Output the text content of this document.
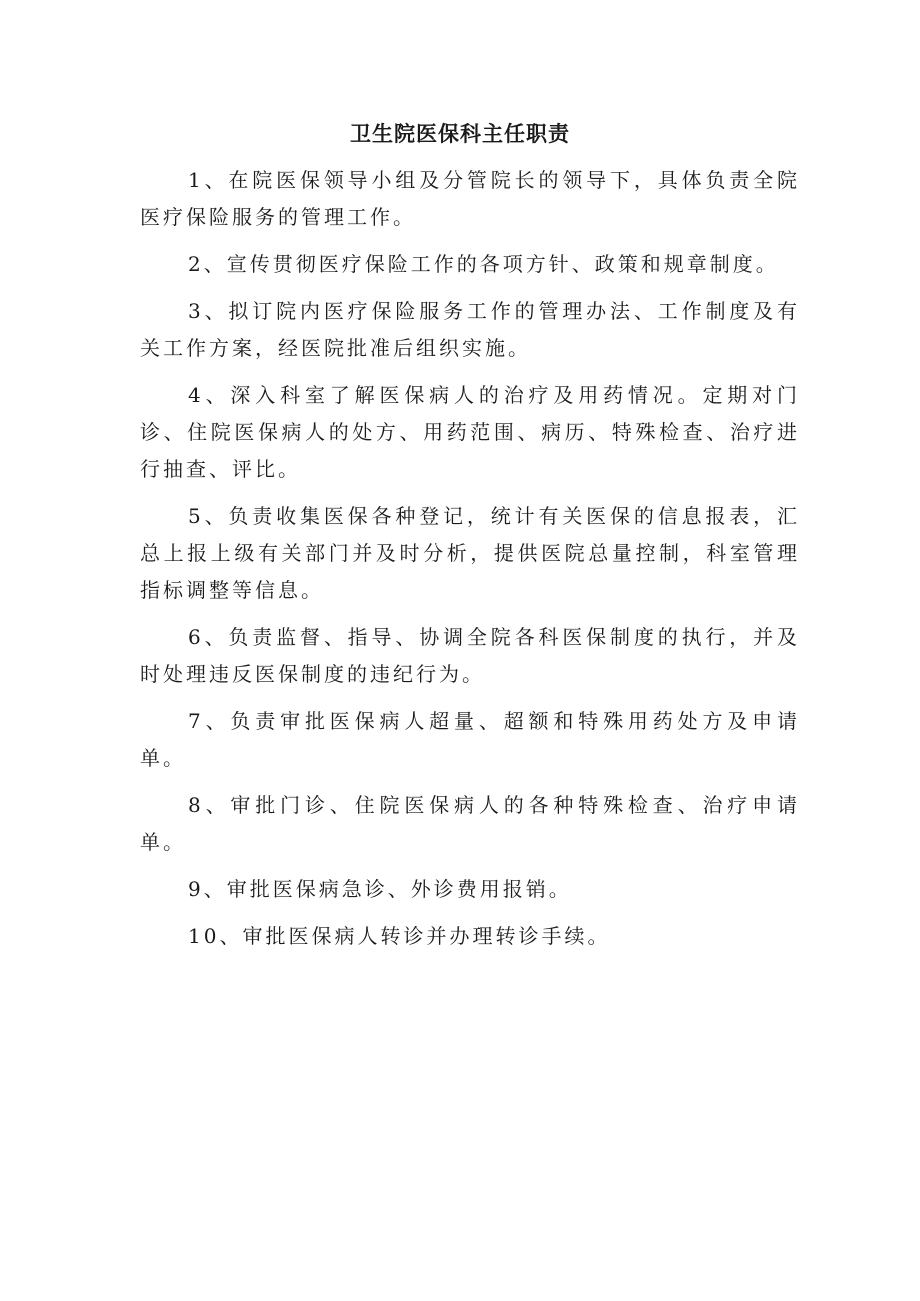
卫生院医保科主任职责

1、在院医保领导小组及分管院长的领导下，具体负责全院医疗保险服务的管理工作。

2、宣传贯彻医疗保险工作的各项方针、政策和规章制度。

3、拟订院内医疗保险服务工作的管理办法、工作制度及有关工作方案，经医院批准后组织实施。

4、深入科室了解医保病人的治疗及用药情况。定期对门诊、住院医保病人的处方、用药范围、病历、特殊检查、治疗进行抽查、评比。

5、负责收集医保各种登记，统计有关医保的信息报表，汇总上报上级有关部门并及时分析，提供医院总量控制，科室管理指标调整等信息。

6、负责监督、指导、协调全院各科医保制度的执行，并及时处理违反医保制度的违纪行为。

7、负责审批医保病人超量、超额和特殊用药处方及申请单。

8、审批门诊、住院医保病人的各种特殊检查、治疗申请单。

9、审批医保病急诊、外诊费用报销。

10、审批医保病人转诊并办理转诊手续。
